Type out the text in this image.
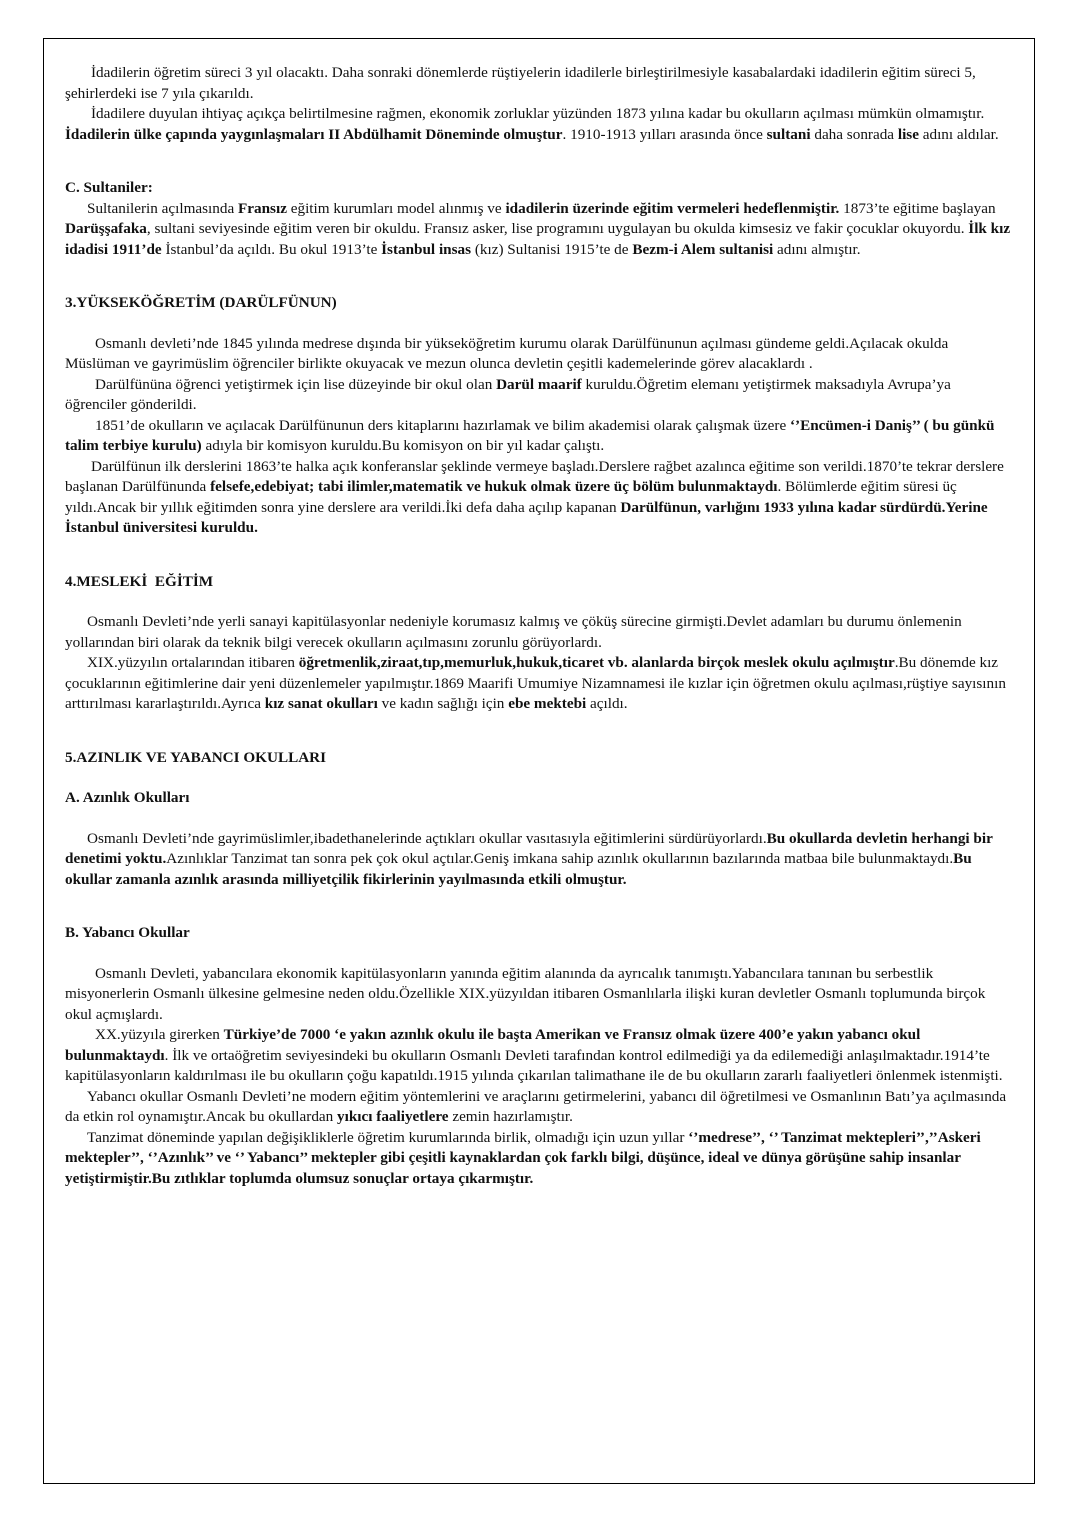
İdadilerin öğretim süreci 3 yıl olacaktı. Daha sonraki dönemlerde rüştiyelerin idadilerle birleştirilmesiyle kasabalardaki idadilerin eğitim süreci 5, şehirlerdeki ise 7 yıla çıkarıldı.

İdadilere duyulan ihtiyaç açıkça belirtilmesine rağmen, ekonomik zorluklar yüzünden 1873 yılına kadar bu okulların açılması mümkün olmamıştır. İdadilerin ülke çapında yaygınlaşmaları II Abdülhamit Döneminde olmuştur. 1910-1913 yılları arasında önce sultani daha sonrada lise adını aldılar.

C. Sultaniler:

Sultanilerin açılmasında Fransız eğitim kurumları model alınmış ve idadilerin üzerinde eğitim vermeleri hedeflenmiştir. 1873’te eğitime başlayan Darüşşafaka, sultani seviyesinde eğitim veren bir okuldu. Fransız asker, lise programını uygulayan bu okulda kimsesiz ve fakir çocuklar okuyordu. İlk kız idadisi 1911’de İstanbul’da açıldı. Bu okul 1913’te İstanbul insas (kız) Sultanisi 1915’te de Bezm-i Alem sultanisi adını almıştır.

3.YÜKSEKÖĞRETİM (DARÜLFÜNUN)

Osmanlı devleti’nde 1845 yılında medrese dışında bir yükseköğretim kurumu olarak Darülfünunun açılması gündeme geldi.Açılacak okulda Müslüman ve gayrimüslim öğrenciler birlikte okuyacak ve mezun olunca devletin çeşitli kademelerinde görev alacaklardı .

Darülfününa öğrenci yetiştirmek için lise düzeyinde bir okul olan Darül maarif kuruldu.Öğretim elemanı yetiştirmek maksadıyla Avrupa’ya öğrenciler gönderildi.

1851’de okulların ve açılacak Darülfünunun ders kitaplarını hazırlamak ve bilim akademisi olarak çalışmak üzere ‘’Encümen-i Daniş’’ ( bu günkü talim terbiye kurulu) adıyla bir komisyon kuruldu.Bu komisyon on bir yıl kadar çalıştı.

Darülfünun ilk derslerini 1863’te halka açık konferanslar şeklinde vermeye başladı.Derslere rağbet azalınca eğitime son verildi.1870’te tekrar derslere başlanan Darülfünunda felsefe,edebiyat; tabi ilimler,matematik ve hukuk olmak üzere üç bölüm bulunmaktaydı. Bölümlerde eğitim süresi üç yıldı.Ancak bir yıllık eğitimden sonra yine derslere ara verildi.İki defa daha açılıp kapanan Darülfünun, varlığını 1933 yılına kadar sürdürdü.Yerine İstanbul üniversitesi kuruldu.

4.MESLEKİ  EĞİTİM

Osmanlı Devleti’nde yerli sanayi kapitülasyonlar nedeniyle korumasız kalmış ve çöküş sürecine girmişti.Devlet adamları bu durumu önlemenin yollarından biri olarak da teknik bilgi verecek okulların açılmasını zorunlu görüyorlardı.

XIX.yüzyılın ortalarından itibaren öğretmenlik,ziraat,tıp,memurluk,hukuk,ticaret vb. alanlarda birçok meslek okulu açılmıştır.Bu dönemde kız çocuklarının eğitimlerine dair yeni düzenlemeler yapılmıştır.1869 Maarifi Umumiye Nizamnamesi ile kızlar için öğretmen okulu açılması,rüştiye sayısının arttırılması kararlaştırıldı.Ayrıca kız sanat okulları ve kadın sağlığı için ebe mektebi açıldı.

5.AZINLIK VE YABANCI OKULLARI

A. Azınlık Okulları

Osmanlı Devleti’nde gayrimüslimler,ibadethanelerinde açtıkları okullar vasıtasıyla eğitimlerini sürdürüyorlardı.Bu okullarda devletin herhangi bir denetimi yoktu.Azınlıklar Tanzimat tan sonra pek çok okul açtılar.Geniş imkana sahip azınlık okullarının bazılarında matbaa bile bulunmaktaydı.Bu okullar zamanla azınlık arasında milliyetçilik fikirlerinin yayılmasında etkili olmuştur.

B. Yabancı Okullar

Osmanlı Devleti, yabancılara ekonomik kapitülasyonların yanında eğitim alanında da ayrıcalık tanımıştı.Yabancılara tanınan bu serbestlik misyonerlerin Osmanlı ülkesine gelmesine neden oldu.Özellikle XIX.yüzyıldan itibaren Osmanlılarla ilişki kuran devletler Osmanlı toplumunda birçok okul açmışlardı.

XX.yüzyıla girerken Türkiye’de 7000 ‘e yakın azınlık okulu ile başta Amerikan ve Fransız olmak üzere 400’e yakın yabancı okul bulunmaktaydı. İlk ve ortaöğretim seviyesindeki bu okulların Osmanlı Devleti tarafından kontrol edilmediği ya da edilemediği anlaşılmaktadır.1914’te kapitülasyonların kaldırılması ile bu okulların çoğu kapatıldı.1915 yılında çıkarılan talimathane ile de bu okulların zararlı faaliyetleri önlenmek istenmişti.

Yabancı okullar Osmanlı Devleti’ne modern eğitim yöntemlerini ve araçlarını getirmelerini, yabancı dil öğretilmesi ve Osmanlının Batı’ya açılmasında da etkin rol oynamıştır.Ancak bu okullardan yıkıcı faaliyetlere zemin hazırlamıştır.

Tanzimat döneminde yapılan değişikliklerle öğretim kurumlarında birlik, olmadığı için uzun yıllar ‘’medrese’’, ‘’ Tanzimat mektepleri’’,’’Askeri mektepler’’, ‘’Azınlık’’ ve ‘’ Yabancı’’ mektepler gibi çeşitli kaynaklardan çok farklı bilgi, düşünce, ideal ve dünya görüşüne sahip insanlar yetiştirmiştir.Bu zıtlıklar toplumda olumsuz sonuçlar ortaya çıkarmıştır.
